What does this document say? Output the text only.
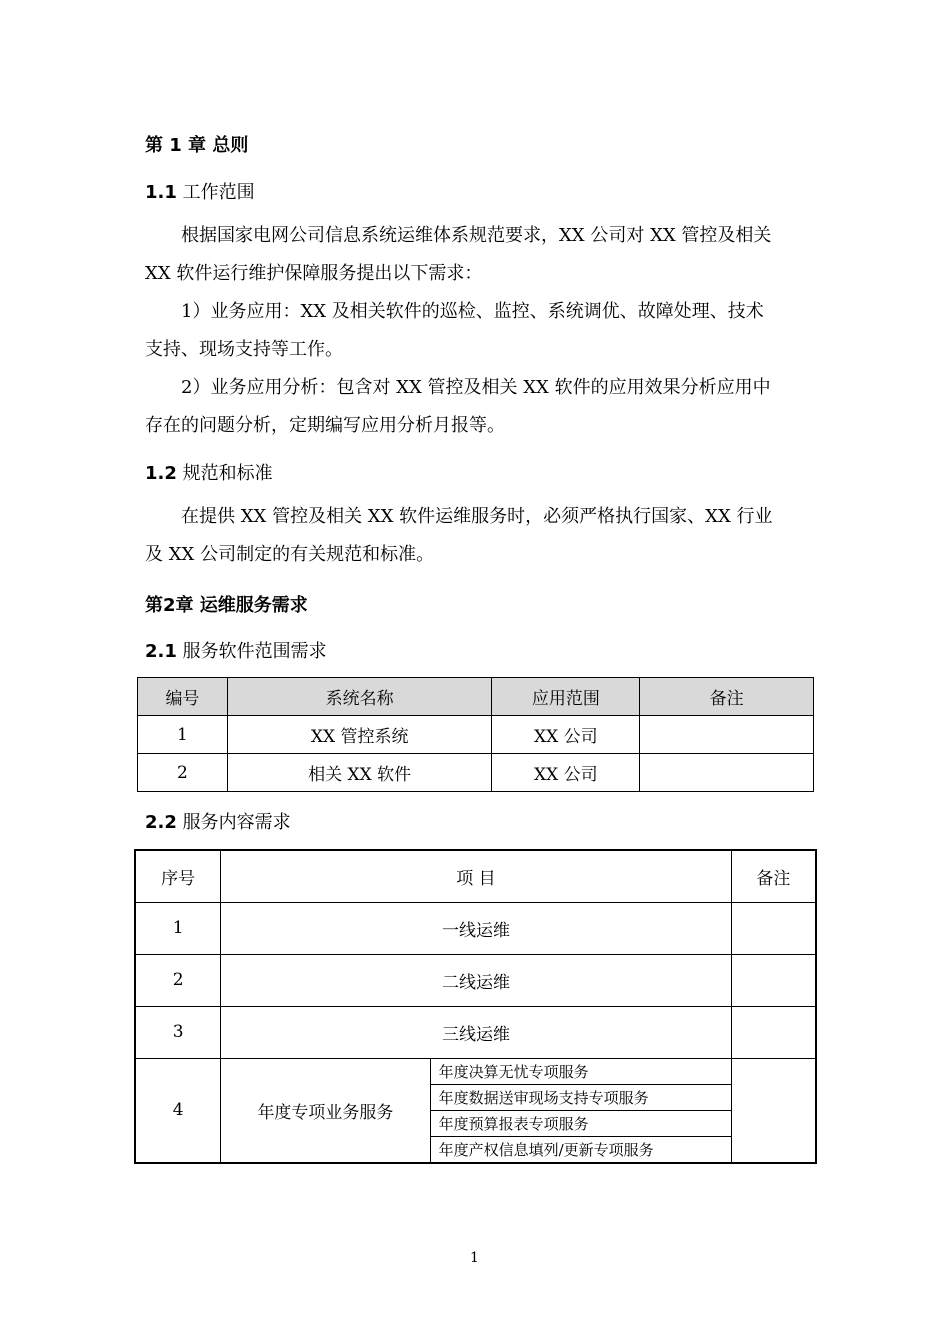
第 1 章 总则
1.1 工作范围
根据国家电网公司信息系统运维体系规范要求，XX 公司对 XX 管控及相关
XX 软件运行维护保障服务提出以下需求：
1）业务应用：XX 及相关软件的巡检、监控、系统调优、故障处理、技术
支持、现场支持等工作。
2）业务应用分析：包含对 XX 管控及相关 XX 软件的应用效果分析应用中
存在的问题分析，定期编写应用分析月报等。
1.2 规范和标准
在提供 XX 管控及相关 XX 软件运维服务时，必须严格执行国家、XX 行业
及 XX 公司制定的有关规范和标准。
第2章 运维服务需求
2.1 服务软件范围需求
编号	系统名称	应用范围	备注
1	XX 管控系统	XX 公司	
2	相关 XX 软件	XX 公司	
2.2 服务内容需求
序号	项 目		备注
1	一线运维		
2	二线运维		
3	三线运维		
4	年度专项业务服务	年度决算无忧专项服务	
		年度数据送审现场支持专项服务	
		年度预算报表专项服务	
		年度产权信息填列/更新专项服务	
1
